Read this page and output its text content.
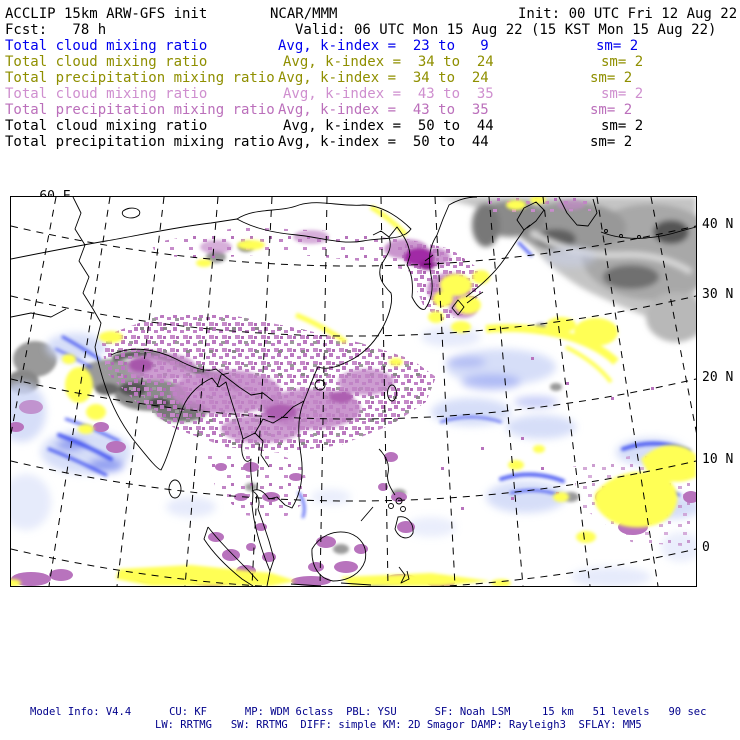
ACCLIP 15km ARW-GFS init	NCAR/MMM	Init: 00 UTC Fri 12 Aug 22
Fcst:   78 h	Valid: 06 UTC Mon 15 Aug 22 (15 KST Mon 15 Aug 22)
Total cloud mixing ratio	Avg, k-index =  23 to   9	sm= 2
Total cloud mixing ratio	Avg, k-index =  34 to  24	sm= 2
Total precipitation mixing ratio Avg, k-index =  34 to  24	sm= 2
Total cloud mixing ratio	Avg, k-index =  43 to  35	sm= 2
Total precipitation mixing ratio Avg, k-index =  43 to  35	sm= 2
Total cloud mixing ratio	Avg, k-index =  50 to  44	sm= 2
Total precipitation mixing ratio Avg, k-index =  50 to  44	sm= 2

40 N

30 N

20 N

10 N

0

Model Info: V4.4      CU: KF      MP: WDM 6class  PBL: YSU      SF: Noah LSM     15 km   51 levels   90 sec
LW: RRTMG   SW: RRTMG  DIFF: simple KM: 2D Smagor DAMP: Rayleigh3  SFLAY: MM5
